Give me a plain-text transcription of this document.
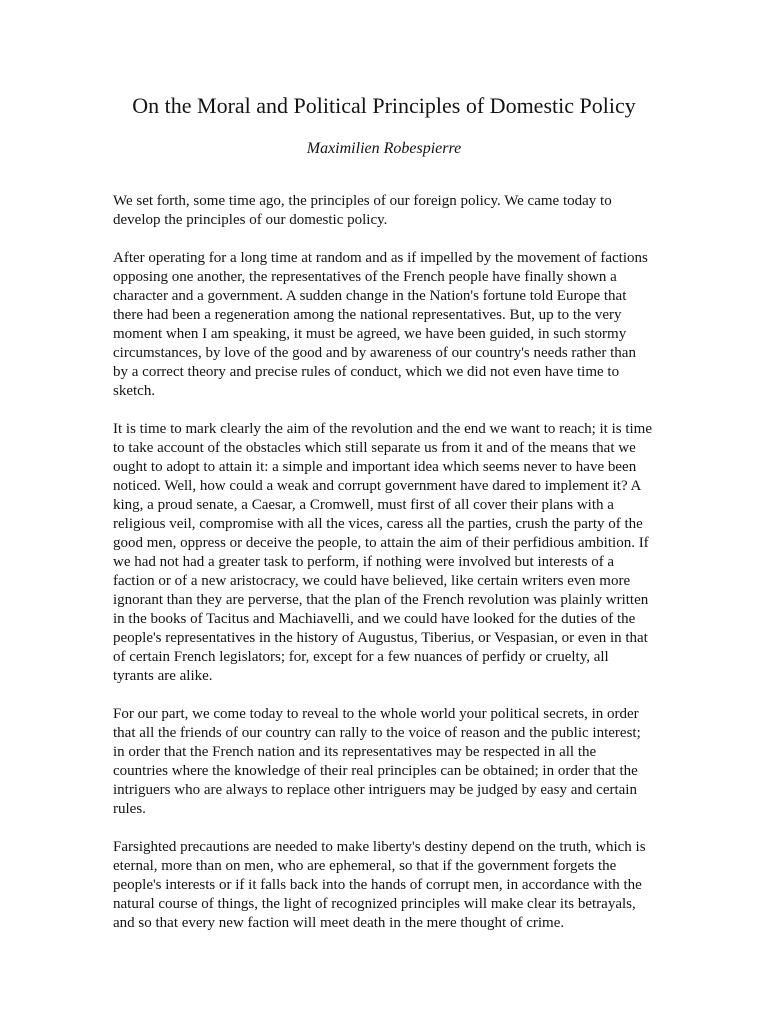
On the Moral and Political Principles of Domestic Policy
Maximilien Robespierre

We set forth, some time ago, the principles of our foreign policy. We came today to develop the principles of our domestic policy.

After operating for a long time at random and as if impelled by the movement of factions opposing one another, the representatives of the French people have finally shown a character and a government. A sudden change in the Nation's fortune told Europe that there had been a regeneration among the national representatives. But, up to the very moment when I am speaking, it must be agreed, we have been guided, in such stormy circumstances, by love of the good and by awareness of our country's needs rather than by a correct theory and precise rules of conduct, which we did not even have time to sketch.

It is time to mark clearly the aim of the revolution and the end we want to reach; it is time to take account of the obstacles which still separate us from it and of the means that we ought to adopt to attain it: a simple and important idea which seems never to have been noticed. Well, how could a weak and corrupt government have dared to implement it? A king, a proud senate, a Caesar, a Cromwell, must first of all cover their plans with a religious veil, compromise with all the vices, caress all the parties, crush the party of the good men, oppress or deceive the people, to attain the aim of their perfidious ambition. If we had not had a greater task to perform, if nothing were involved but interests of a faction or of a new aristocracy, we could have believed, like certain writers even more ignorant than they are perverse, that the plan of the French revolution was plainly written in the books of Tacitus and Machiavelli, and we could have looked for the duties of the people's representatives in the history of Augustus, Tiberius, or Vespasian, or even in that of certain French legislators; for, except for a few nuances of perfidy or cruelty, all tyrants are alike.

For our part, we come today to reveal to the whole world your political secrets, in order that all the friends of our country can rally to the voice of reason and the public interest; in order that the French nation and its representatives may be respected in all the countries where the knowledge of their real principles can be obtained; in order that the intriguers who are always to replace other intriguers may be judged by easy and certain rules.

Farsighted precautions are needed to make liberty's destiny depend on the truth, which is eternal, more than on men, who are ephemeral, so that if the government forgets the people's interests or if it falls back into the hands of corrupt men, in accordance with the natural course of things, the light of recognized principles will make clear its betrayals, and so that every new faction will meet death in the mere thought of crime.
